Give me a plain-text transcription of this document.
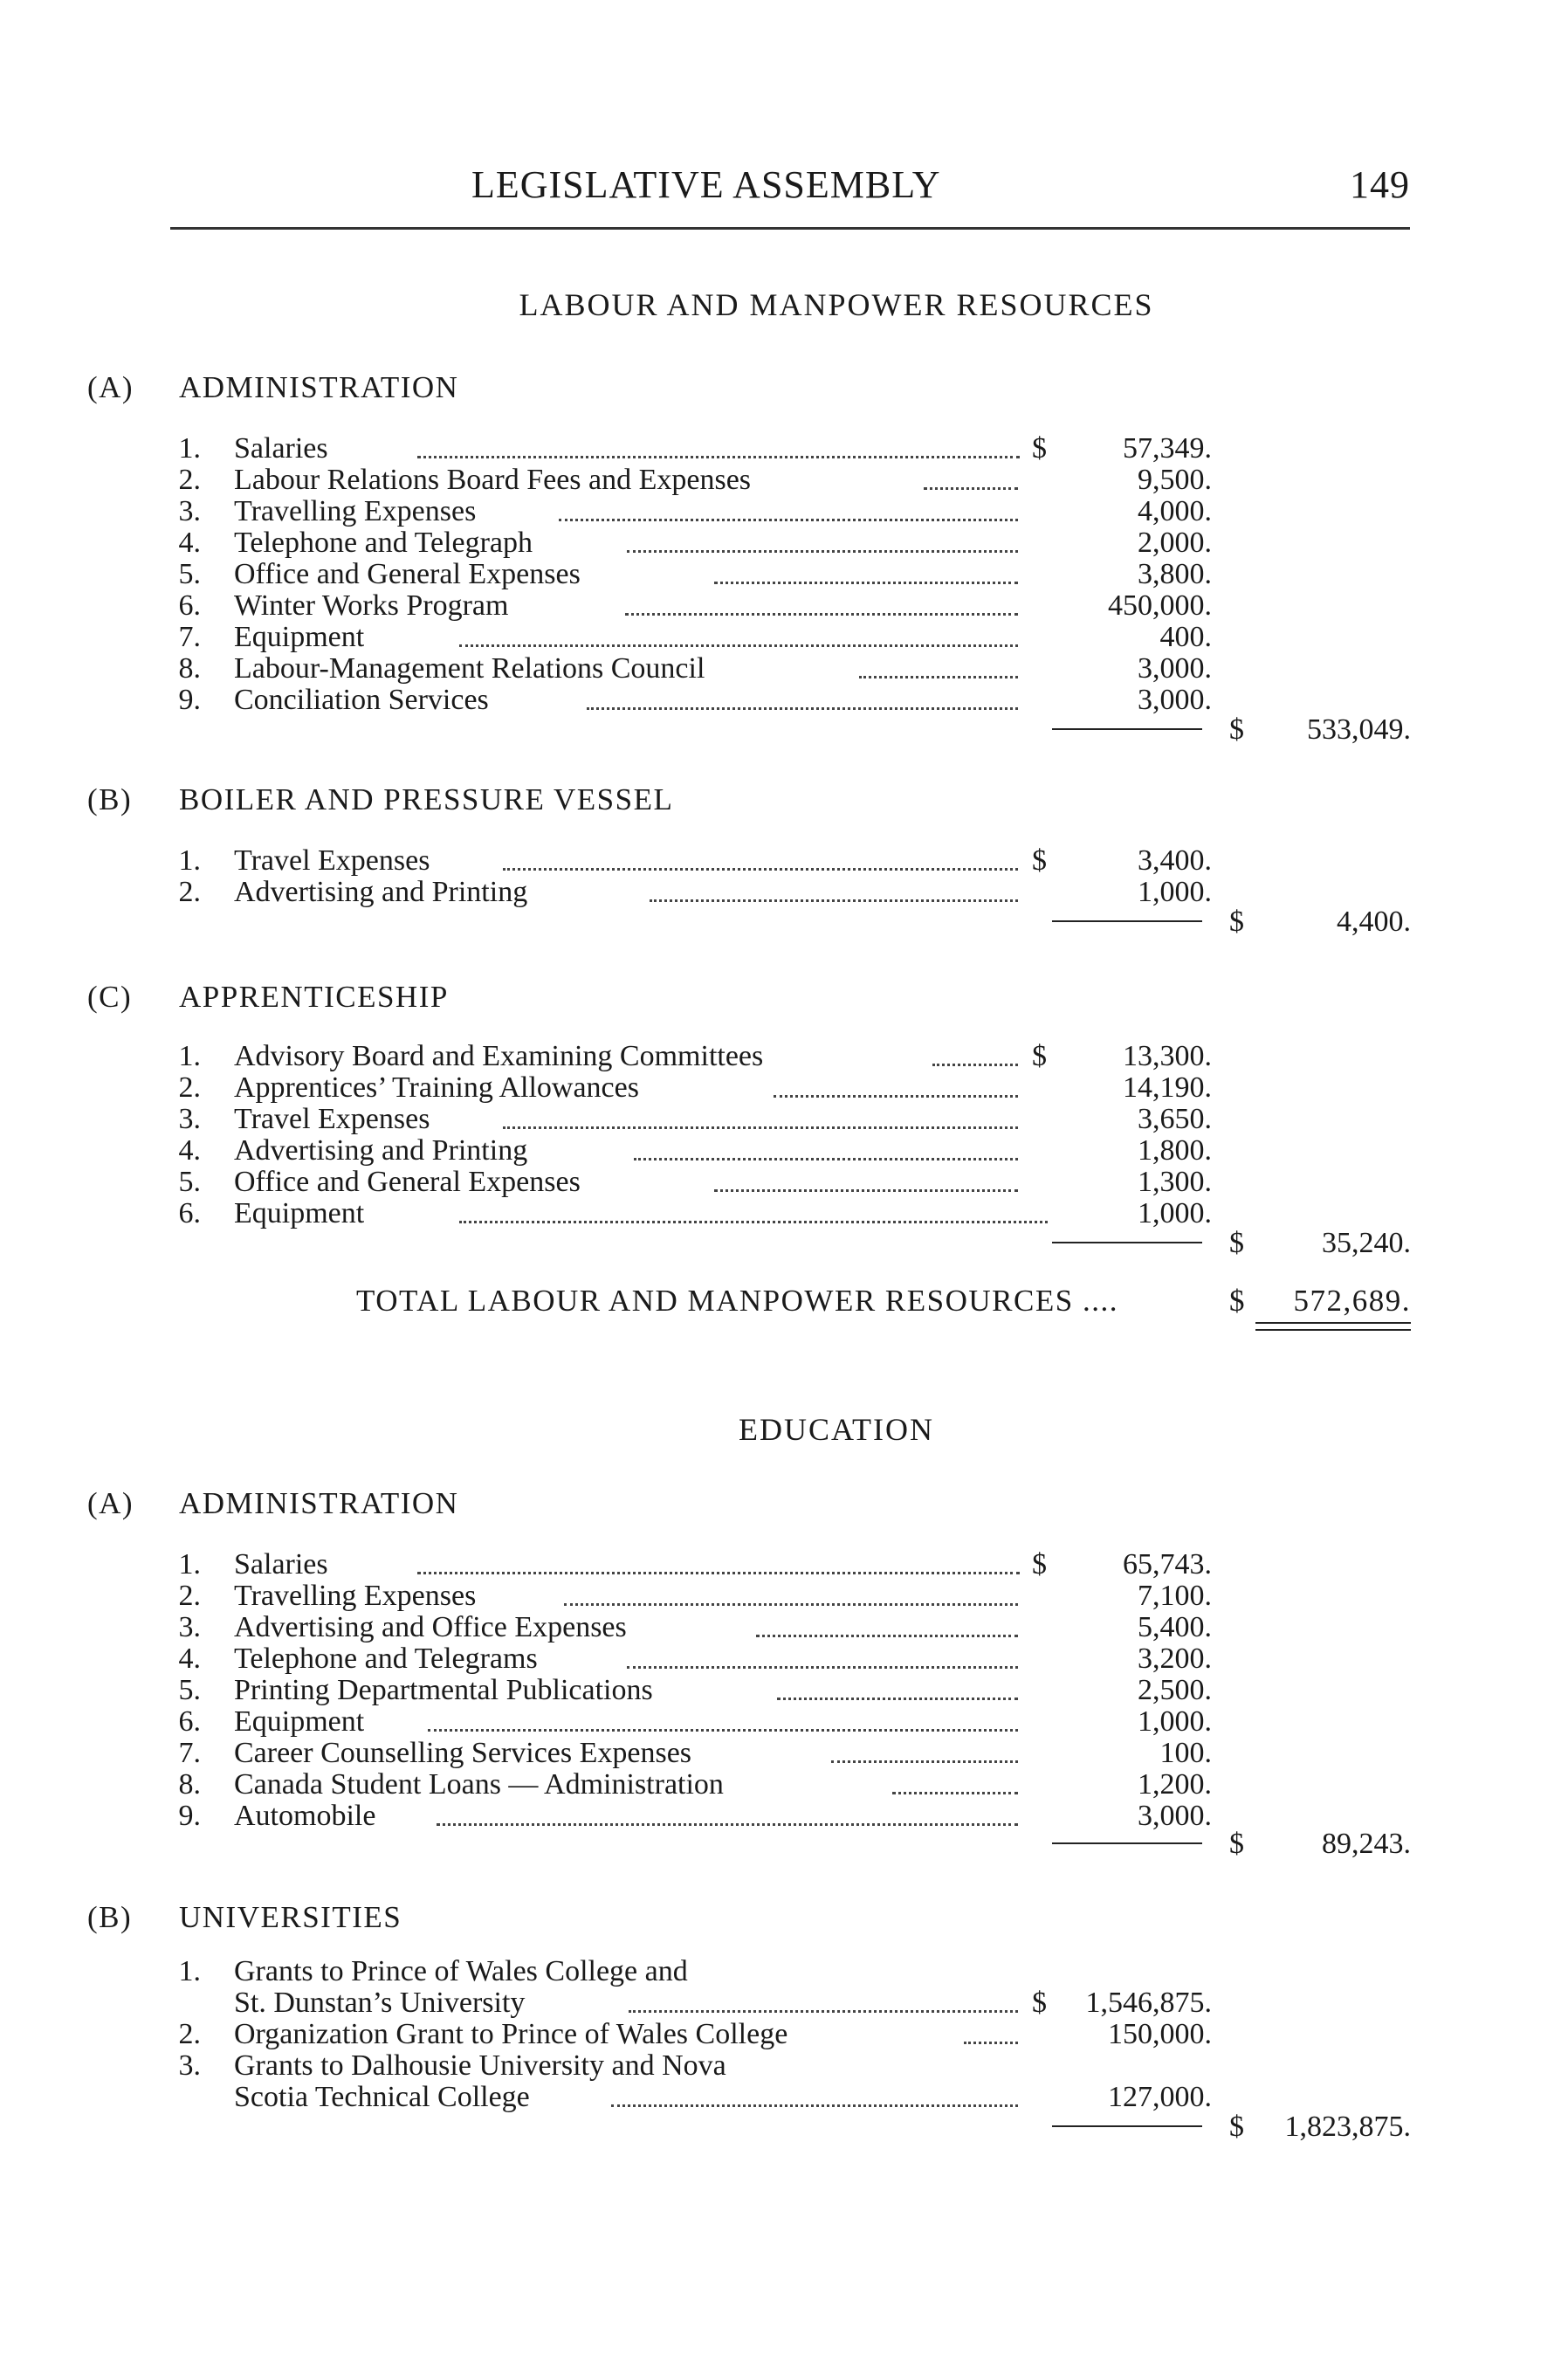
LEGISLATIVE ASSEMBLY	149
LABOUR AND MANPOWER RESOURCES
(A) ADMINISTRATION
1. Salaries	$	57,349.
2. Labour Relations Board Fees and Expenses	9,500.
3. Travelling Expenses	4,000.
4. Telephone and Telegraph	2,000.
5. Office and General Expenses	3,800.
6. Winter Works Program	450,000.
7. Equipment	400.
8. Labour-Management Relations Council	3,000.
9. Conciliation Services	3,000.
$ 533,049.
(B) BOILER AND PRESSURE VESSEL
1. Travel Expenses	$	3,400.
2. Advertising and Printing	1,000.
$	4,400.
(C) APPRENTICESHIP
1. Advisory Board and Examining Committees	$	13,300.
2. Apprentices’ Training Allowances	14,190.
3. Travel Expenses	3,650.
4. Advertising and Printing	1,800.
5. Office and General Expenses	1,300.
6. Equipment	1,000.
$	35,240.
TOTAL LABOUR AND MANPOWER RESOURCES ....	$ 572,689.
EDUCATION
(A) ADMINISTRATION
1. Salaries	$	65,743.
2. Travelling Expenses	7,100.
3. Advertising and Office Expenses	5,400.
4. Telephone and Telegrams	3,200.
5. Printing Departmental Publications	2,500.
6. Equipment	1,000.
7. Career Counselling Services Expenses	100.
8. Canada Student Loans — Administration	1,200.
9. Automobile	3,000.
$	89,243.
(B) UNIVERSITIES
1. Grants to Prince of Wales College and
St. Dunstan’s University	$ 1,546,875.
2. Organization Grant to Prince of Wales College	150,000.
3. Grants to Dalhousie University and Nova
Scotia Technical College	127,000.
$ 1,823,875.
